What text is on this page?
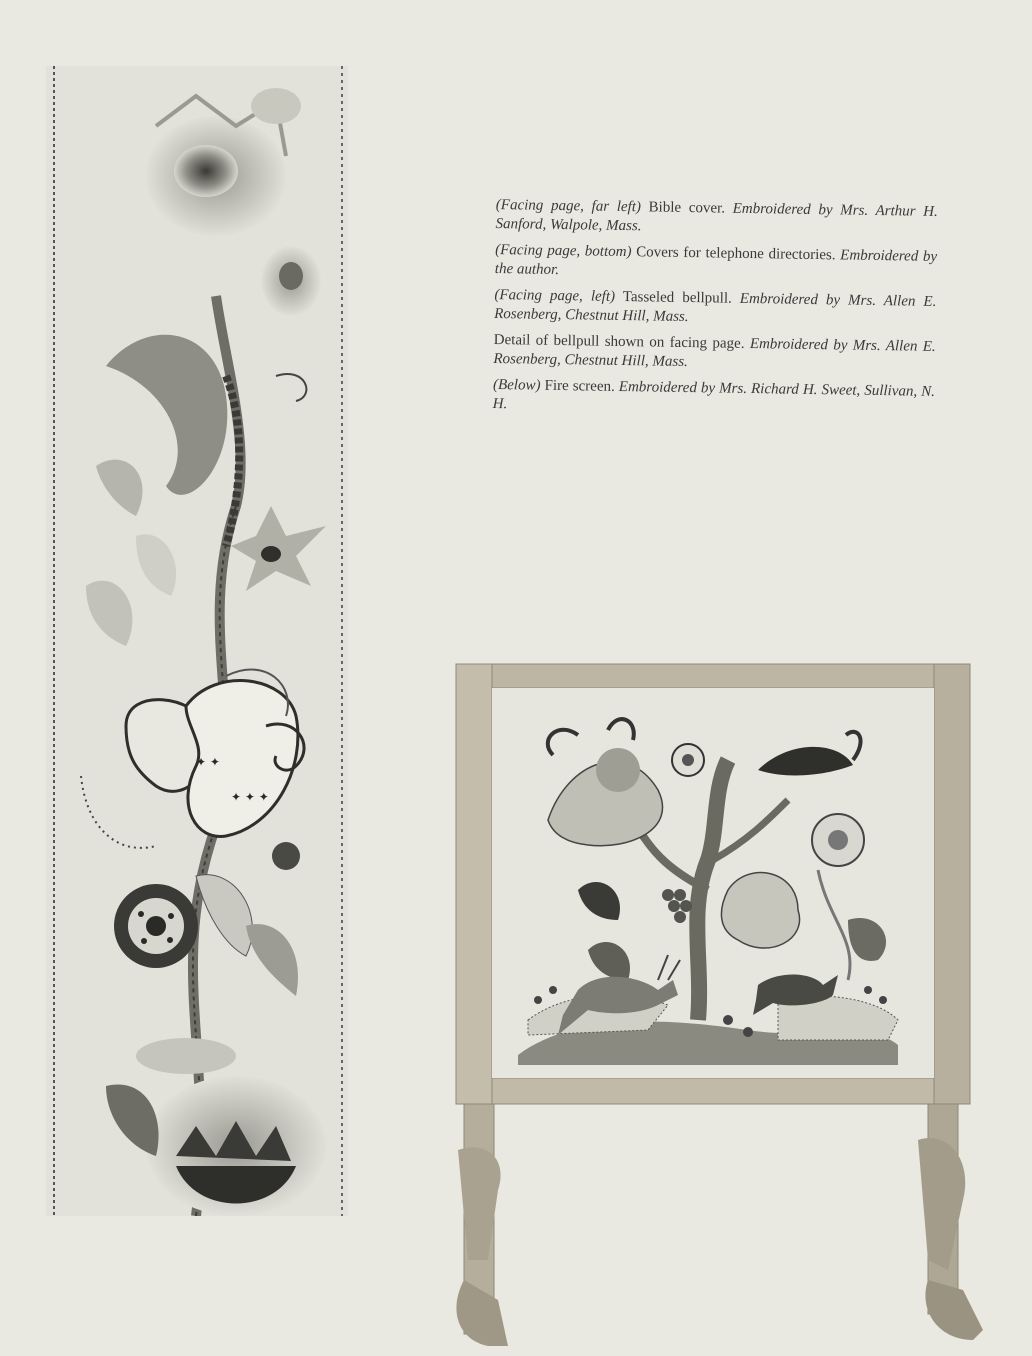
✦ ✦
✦ ✦ ✦

(Facing page, far left) Bible cover. Embroidered by Mrs. Arthur H. Sanford, Walpole, Mass.

(Facing page, bottom) Covers for telephone directories. Embroidered by the author.

(Facing page, left) Tasseled bellpull. Embroidered by Mrs. Allen E. Rosenberg, Chestnut Hill, Mass.

Detail of bellpull shown on facing page. Embroidered by Mrs. Allen E. Rosenberg, Chestnut Hill, Mass.

(Below) Fire screen. Embroidered by Mrs. Richard H. Sweet, Sullivan, N. H.
